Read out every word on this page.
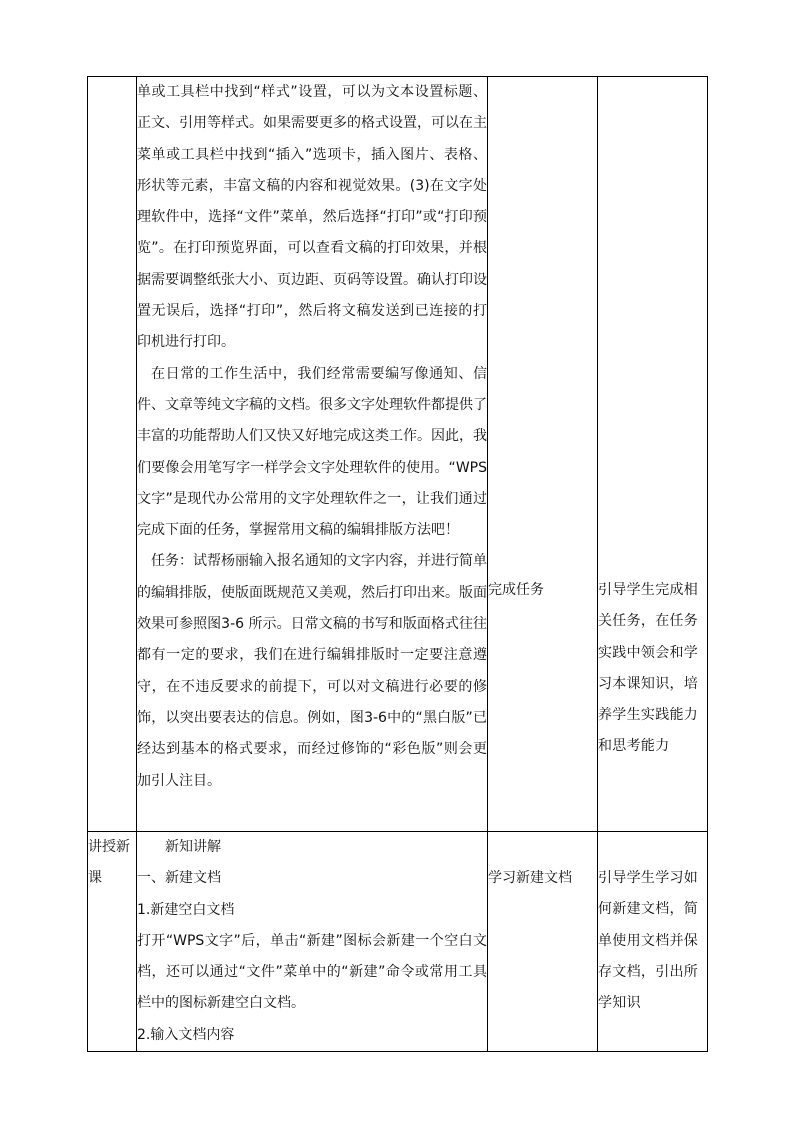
	单或工具栏中找到“样式”设置，可以为文本设置标题、正文、引用等样式。如果需要更多的格式设置，可以在主菜单或工具栏中找到“插入”选项卡，插入图片、表格、形状等元素，丰富文稿的内容和视觉效果。(3)在文字处理软件中，选择“文件”菜单，然后选择“打印”或“打印预览”。在打印预览界面，可以查看文稿的打印效果，并根据需要调整纸张大小、页边距、页码等设置。确认打印设置无误后，选择“打印”，然后将文稿发送到已连接的打印机进行打印。

在日常的工作生活中，我们经常需要编写像通知、信件、文章等纯文字稿的文档。很多文字处理软件都提供了丰富的功能帮助人们又快又好地完成这类工作。因此，我们要像会用笔写字一样学会文字处理软件的使用。“WPS文字”是现代办公常用的文字处理软件之一，让我们通过完成下面的任务，掌握常用文稿的编辑排版方法吧！

任务：试帮杨丽输入报名通知的文字内容，并进行简单的编辑排版，使版面既规范又美观，然后打印出来。版面效果可参照图3-6 所示。日常文稿的书写和版面格式往往都有一定的要求，我们在进行编辑排版时一定要注意遵守，在不违反要求的前提下，可以对文稿进行必要的修饰，以突出要表达的信息。例如，图3-6中的“黑白版”已经达到基本的格式要求，而经过修饰的“彩色版”则会更加引人注目。	完成任务	引导学生完成相关任务，在任务实践中领会和学习本课知识，培养学生实践能力和思考能力

讲授新课	新知讲解

一、新建文档

1.新建空白文档

打开“WPS文字”后，单击“新建”图标会新建一个空白文档，还可以通过“文件”菜单中的“新建”命令或常用工具栏中的图标新建空白文档。

2.输入文档内容	学习新建文档	引导学生学习如何新建文档，简单使用文档并保存文档，引出所学知识
